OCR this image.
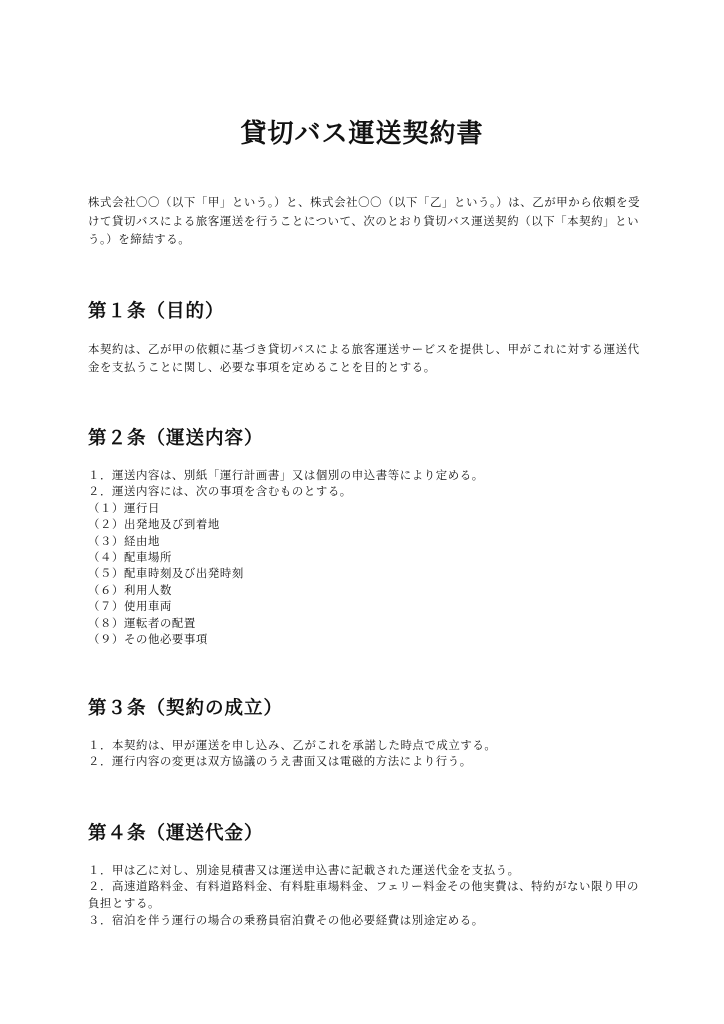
貸切バス運送契約書

株式会社〇〇（以下「甲」という。）と、株式会社〇〇（以下「乙」という。）は、乙が甲から依頼を受けて貸切バスによる旅客運送を行うことについて、次のとおり貸切バス運送契約（以下「本契約」という。）を締結する。

第１条（目的）

本契約は、乙が甲の依頼に基づき貸切バスによる旅客運送サービスを提供し、甲がこれに対する運送代金を支払うことに関し、必要な事項を定めることを目的とする。

第２条（運送内容）

１．運送内容は、別紙「運行計画書」又は個別の申込書等により定める。

２．運送内容には、次の事項を含むものとする。

（１）運行日

（２）出発地及び到着地

（３）経由地

（４）配車場所

（５）配車時刻及び出発時刻

（６）利用人数

（７）使用車両

（８）運転者の配置

（９）その他必要事項

第３条（契約の成立）

１．本契約は、甲が運送を申し込み、乙がこれを承諾した時点で成立する。

２．運行内容の変更は双方協議のうえ書面又は電磁的方法により行う。

第４条（運送代金）

１．甲は乙に対し、別途見積書又は運送申込書に記載された運送代金を支払う。

２．高速道路料金、有料道路料金、有料駐車場料金、フェリー料金その他実費は、特約がない限り甲の負担とする。

３．宿泊を伴う運行の場合の乗務員宿泊費その他必要経費は別途定める。
